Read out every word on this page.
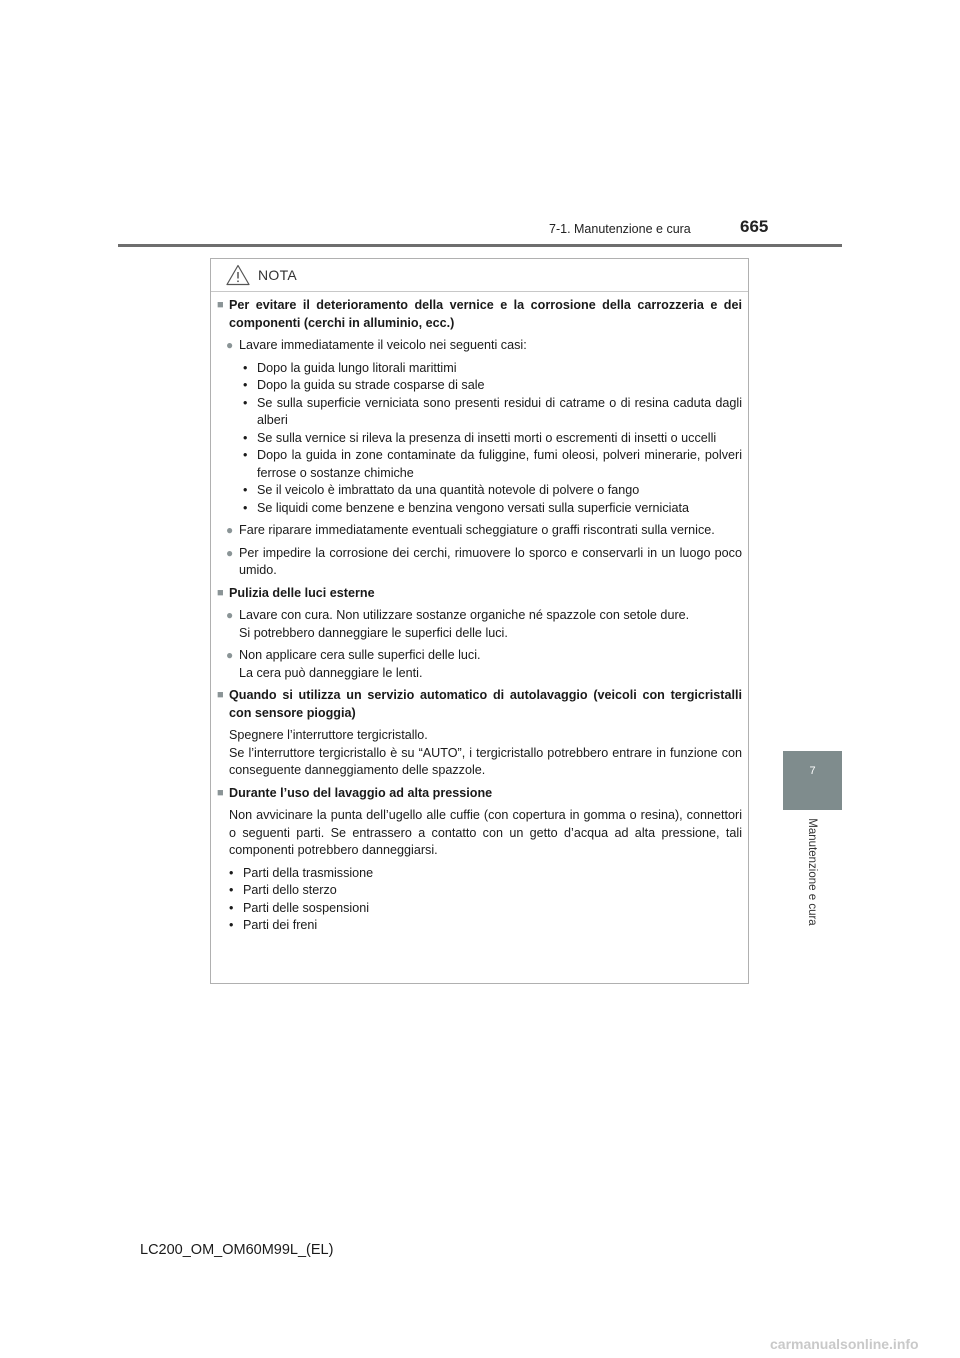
7-1. Manutenzione e cura	665
7
Manutenzione e cura
NOTA
■ Per evitare il deterioramento della vernice e la corrosione della carrozzeria e dei componenti (cerchi in alluminio, ecc.)
● Lavare immediatamente il veicolo nei seguenti casi:
• Dopo la guida lungo litorali marittimi
• Dopo la guida su strade cosparse di sale
• Se sulla superficie verniciata sono presenti residui di catrame o di resina caduta dagli alberi
• Se sulla vernice si rileva la presenza di insetti morti o escrementi di insetti o uccelli
• Dopo la guida in zone contaminate da fuliggine, fumi oleosi, polveri minerarie, polveri ferrose o sostanze chimiche
• Se il veicolo è imbrattato da una quantità notevole di polvere o fango
• Se liquidi come benzene e benzina vengono versati sulla superficie verniciata
● Fare riparare immediatamente eventuali scheggiature o graffi riscontrati sulla vernice.
● Per impedire la corrosione dei cerchi, rimuovere lo sporco e conservarli in un luogo poco umido.
■ Pulizia delle luci esterne
● Lavare con cura. Non utilizzare sostanze organiche né spazzole con setole dure.
Si potrebbero danneggiare le superfici delle luci.
● Non applicare cera sulle superfici delle luci.
La cera può danneggiare le lenti.
■ Quando si utilizza un servizio automatico di autolavaggio (veicoli con tergicristalli con sensore pioggia)
Spegnere l’interruttore tergicristallo.
Se l’interruttore tergicristallo è su “AUTO”, i tergicristallo potrebbero entrare in funzione con conseguente danneggiamento delle spazzole.
■ Durante l’uso del lavaggio ad alta pressione
Non avvicinare la punta dell’ugello alle cuffie (con copertura in gomma o resina), connettori o seguenti parti. Se entrassero a contatto con un getto d’acqua ad alta pressione, tali componenti potrebbero danneggiarsi.
• Parti della trasmissione
• Parti dello sterzo
• Parti delle sospensioni
• Parti dei freni
LC200_OM_OM60M99L_(EL)
carmanualsonline.info
